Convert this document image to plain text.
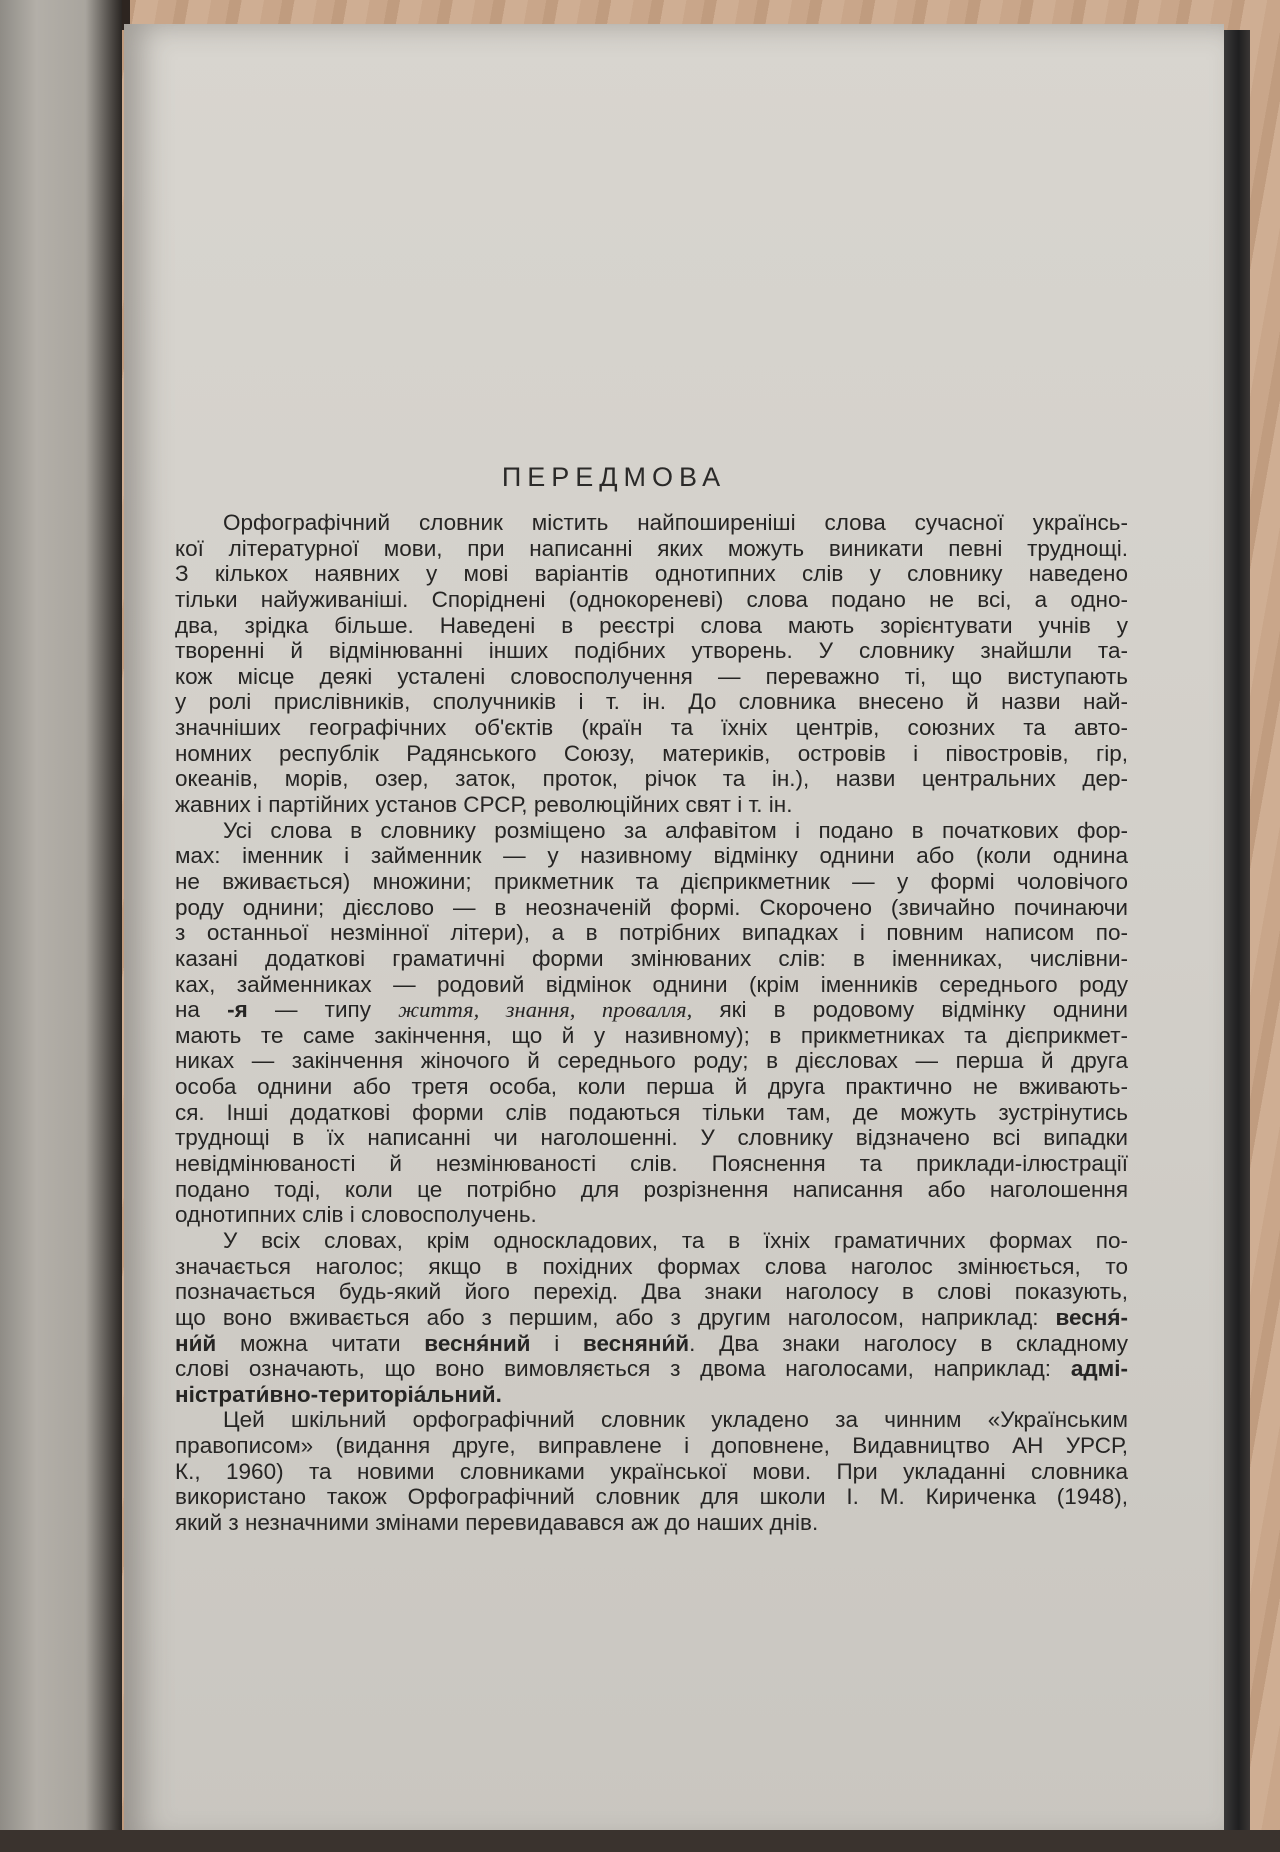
ПЕРЕДМОВА
Орфографічний словник містить найпоширеніші слова сучасної українсь-
кої літературної мови, при написанні яких можуть виникати певні труднощі.
З кількох наявних у мові варіантів однотипних слів у словнику наведено
тільки найуживаніші. Споріднені (однокореневі) слова подано не всі, а одно-
два, зрідка більше. Наведені в реєстрі слова мають зорієнтувати учнів у
творенні й відмінюванні інших подібних утворень. У словнику знайшли та-
кож місце деякі усталені словосполучення — переважно ті, що виступають
у ролі прислівників, сполучників і т. ін. До словника внесено й назви най-
значніших географічних об'єктів (країн та їхніх центрів, союзних та авто-
номних республік Радянського Союзу, материків, островів і півостровів, гір,
океанів, морів, озер, заток, проток, річок та ін.), назви центральних дер-
жавних і партійних установ СРСР, революційних свят і т. ін.
Усі слова в словнику розміщено за алфавітом і подано в початкових фор-
мах: іменник і займенник — у називному відмінку однини або (коли однина
не вживається) множини; прикметник та дієприкметник — у формі чоловічого
роду однини; дієслово — в неозначеній формі. Скорочено (звичайно починаючи
з останньої незмінної літери), а в потрібних випадках і повним написом по-
казані додаткові граматичні форми змінюваних слів: в іменниках, числівни-
ках, займенниках — родовий відмінок однини (крім іменників середнього роду
на -я — типу життя, знання, провалля, які в родовому відмінку однини
мають те саме закінчення, що й у називному); в прикметниках та дієприкмет-
никах — закінчення жіночого й середнього роду; в дієсловах — перша й друга
особа однини або третя особа, коли перша й друга практично не вживають-
ся. Інші додаткові форми слів подаються тільки там, де можуть зустрінутись
труднощі в їх написанні чи наголошенні. У словнику відзначено всі випадки
невідмінюваності й незмінюваності слів. Пояснення та приклади-ілюстрації
подано тоді, коли це потрібно для розрізнення написання або наголошення
однотипних слів і словосполучень.
У всіх словах, крім односкладових, та в їхніх граматичних формах по-
значається наголос; якщо в похідних формах слова наголос змінюється, то
позначається будь-який його перехід. Два знаки наголосу в слові показують,
що воно вживається або з першим, або з другим наголосом, наприклад: весня́-
ни́й можна читати весня́ний і весняни́й. Два знаки наголосу в складному
слові означають, що воно вимовляється з двома наголосами, наприклад: адмі-
ністрати́вно-територіа́льний.
Цей шкільний орфографічний словник укладено за чинним «Українським
правописом» (видання друге, виправлене і доповнене, Видавництво АН УРСР,
К., 1960) та новими словниками української мови. При укладанні словника
використано також Орфографічний словник для школи І. М. Кириченка (1948),
який з незначними змінами перевидавався аж до наших днів.
